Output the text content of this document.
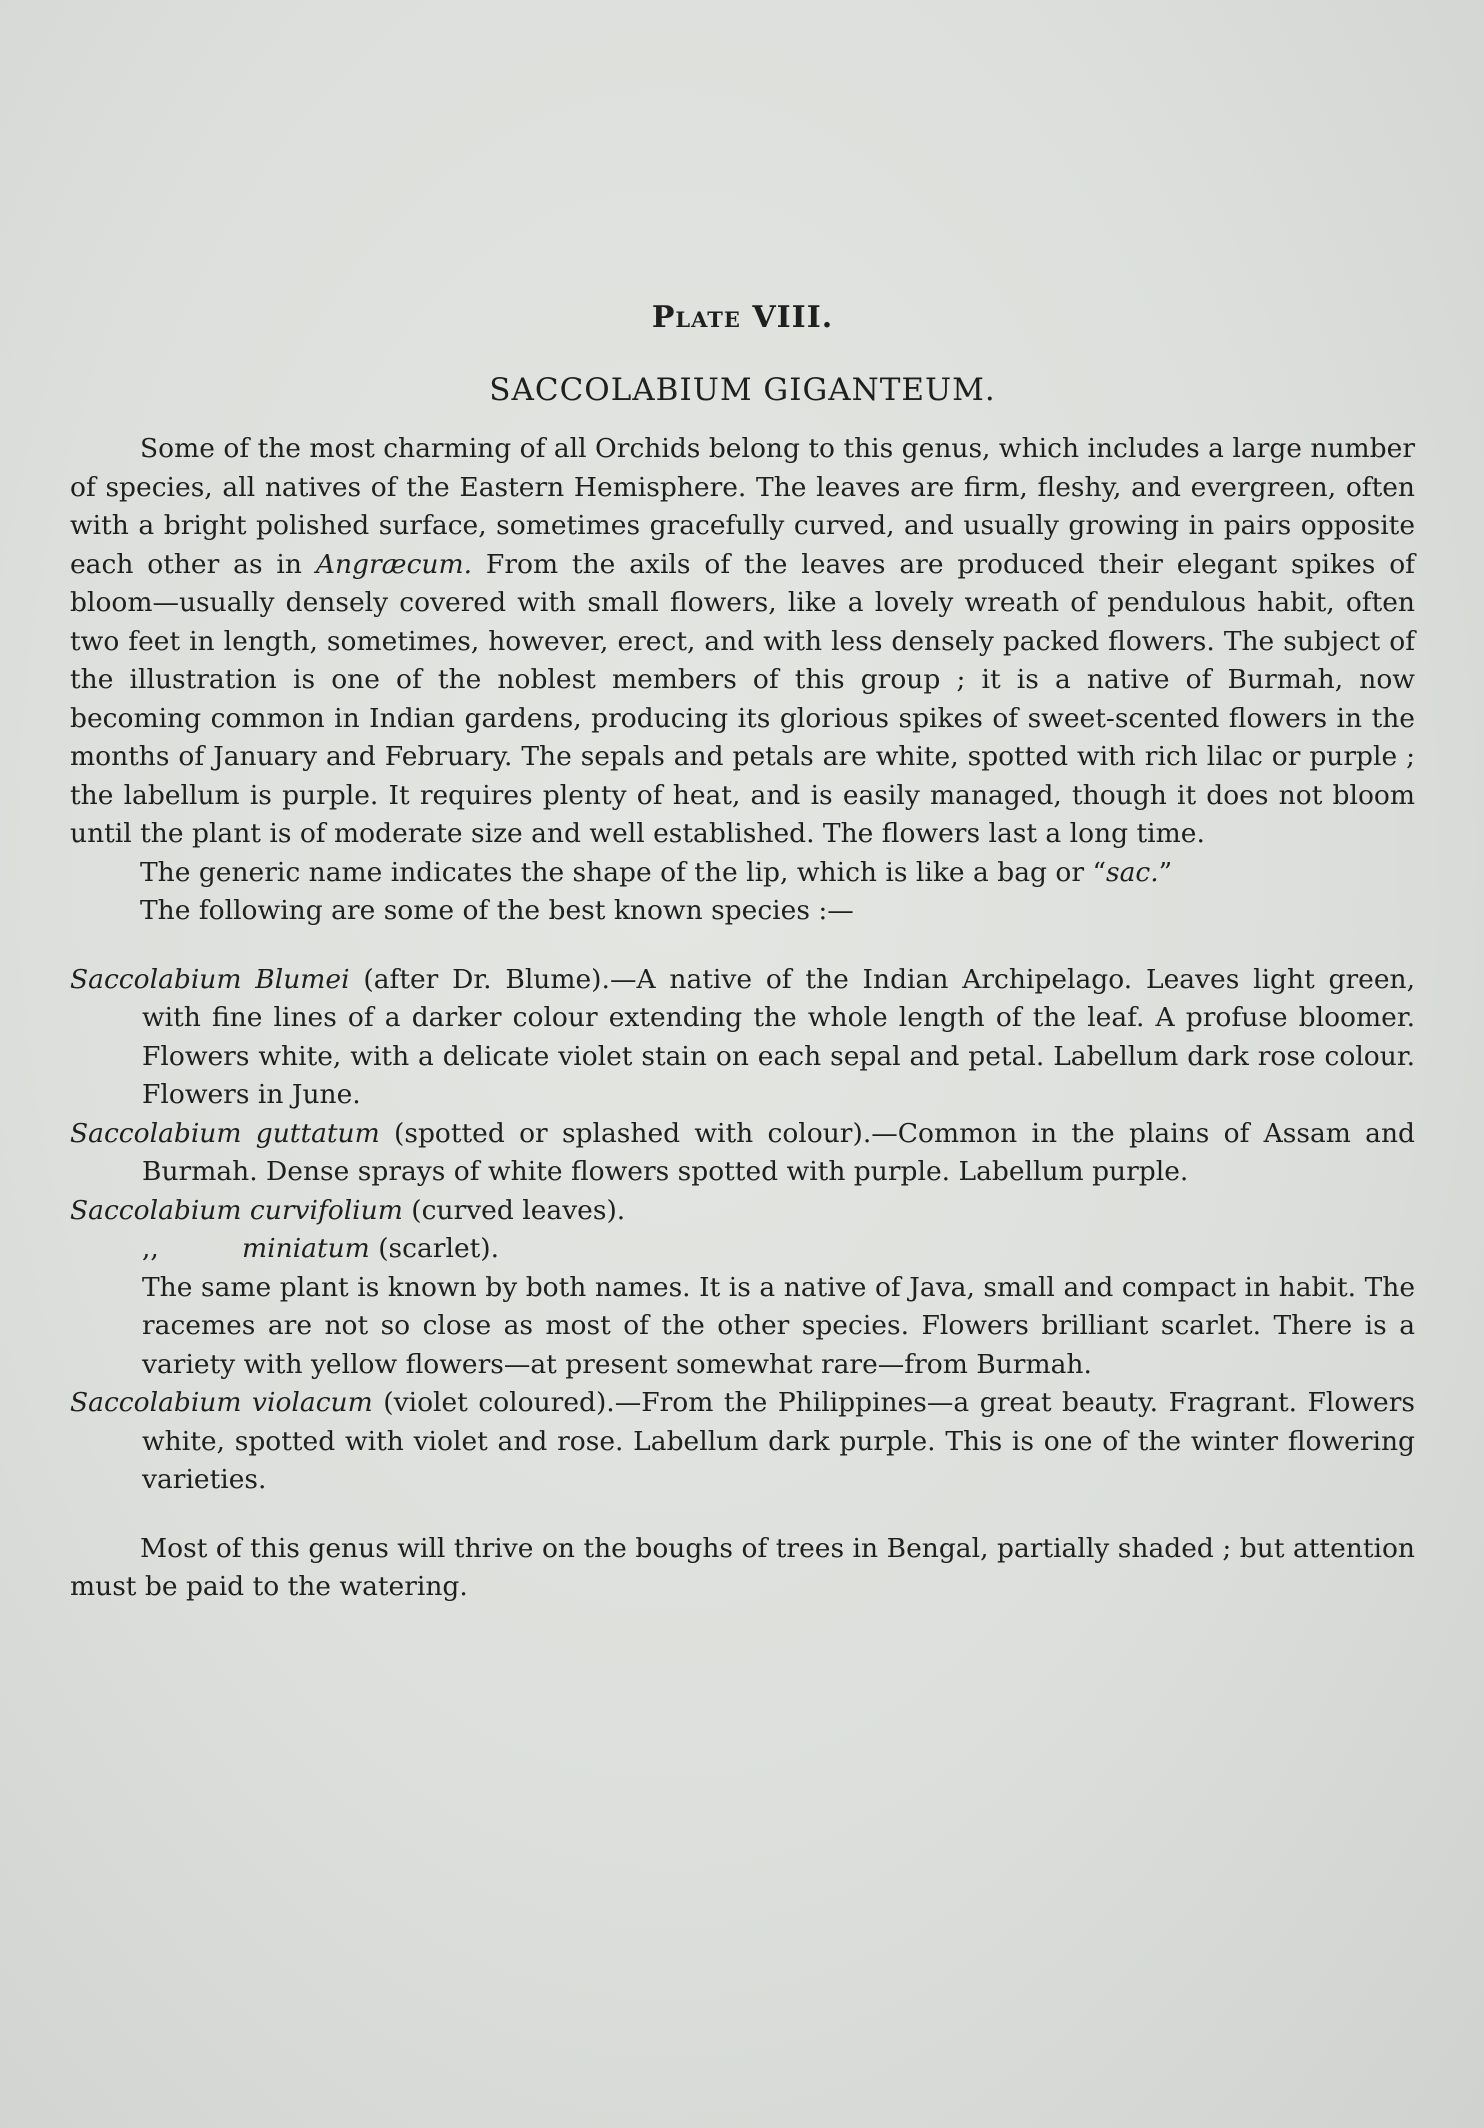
Plate VIII.
SACCOLABIUM GIGANTEUM.

Some of the most charming of all Orchids belong to this genus, which includes a large number of species, all natives of the Eastern Hemisphere. The leaves are firm, fleshy, and evergreen, often with a bright polished surface, sometimes gracefully curved, and usually growing in pairs opposite each other as in Angræcum. From the axils of the leaves are produced their elegant spikes of bloom—usually densely covered with small flowers, like a lovely wreath of pendulous habit, often two feet in length, sometimes, however, erect, and with less densely packed flowers. The subject of the illustration is one of the noblest members of this group ; it is a native of Burmah, now becoming common in Indian gardens, producing its glorious spikes of sweet-scented flowers in the months of January and February. The sepals and petals are white, spotted with rich lilac or purple ; the labellum is purple. It requires plenty of heat, and is easily managed, though it does not bloom until the plant is of moderate size and well established. The flowers last a long time.

The generic name indicates the shape of the lip, which is like a bag or “sac.”

The following are some of the best known species :—

Saccolabium Blumei (after Dr. Blume).—A native of the Indian Archipelago. Leaves light green, with fine lines of a darker colour extending the whole length of the leaf. A profuse bloomer. Flowers white, with a delicate violet stain on each sepal and petal. Labellum dark rose colour. Flowers in June.

Saccolabium guttatum (spotted or splashed with colour).—Common in the plains of Assam and Burmah. Dense sprays of white flowers spotted with purple. Labellum purple.

Saccolabium curvifolium (curved leaves).

,,	miniatum (scarlet).

The same plant is known by both names. It is a native of Java, small and compact in habit. The racemes are not so close as most of the other species. Flowers brilliant scarlet. There is a variety with yellow flowers—at present somewhat rare—from Burmah.

Saccolabium violacum (violet coloured).—From the Philippines—a great beauty. Fragrant. Flowers white, spotted with violet and rose. Labellum dark purple. This is one of the winter flowering varieties.

Most of this genus will thrive on the boughs of trees in Bengal, partially shaded ; but attention must be paid to the watering.
